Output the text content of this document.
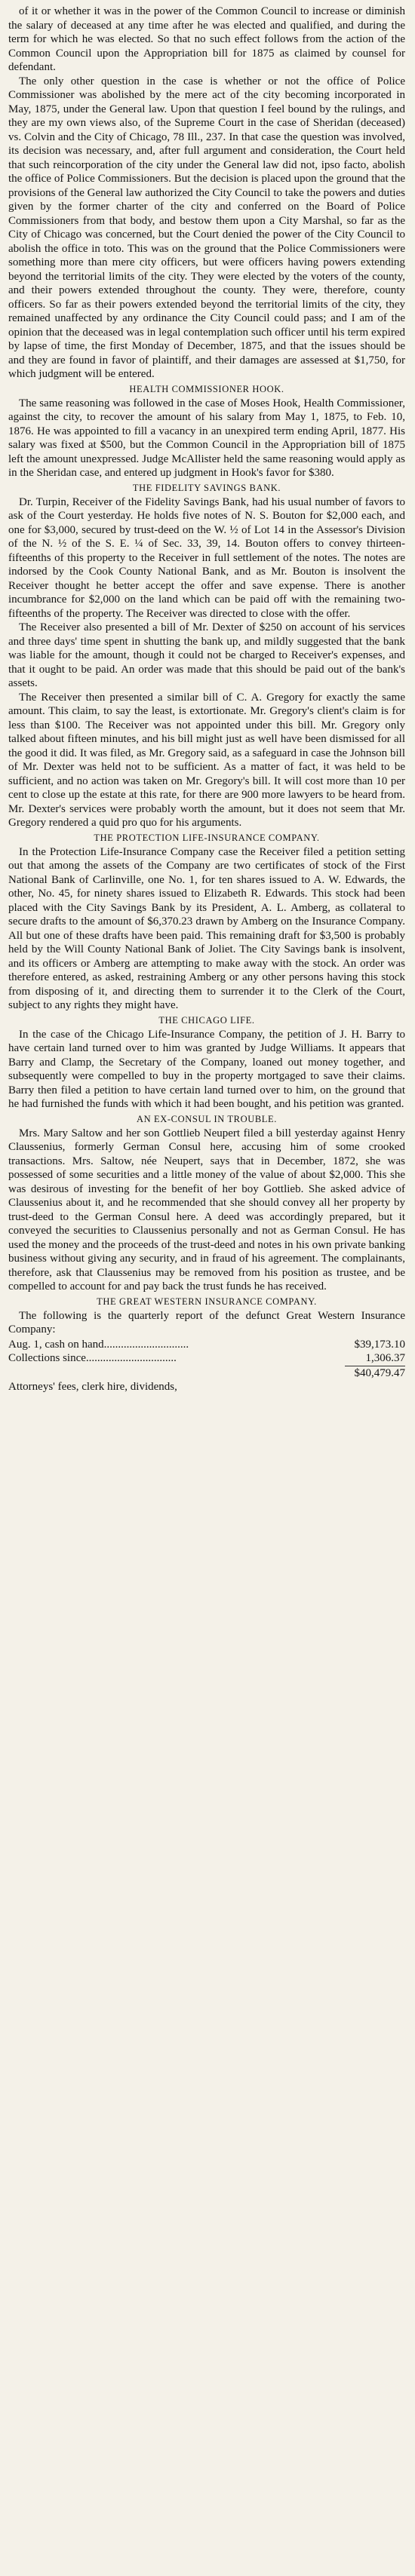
of it or whether it was in the power of the Common Council to increase or diminish the salary of deceased at any time after he was elected and qualified, and during the term for which he was elected. So that no such effect follows from the action of the Common Council upon the Appropriation bill for 1875 as claimed by counsel for defendant.

The only other question in the case is whether or not the office of Police Commissioner was abolished by the mere act of the city becoming incorporated in May, 1875, under the General law. Upon that question I feel bound by the rulings, and they are my own views also, of the Supreme Court in the case of Sheridan (deceased) vs. Colvin and the City of Chicago, 78 Ill., 237. In that case the question was involved, its decision was necessary, and, after full argument and consideration, the Court held that such reincorporation of the city under the General law did not, ipso facto, abolish the office of Police Commissioners. But the decision is placed upon the ground that the provisions of the General law authorized the City Council to take the powers and duties given by the former charter of the city and conferred on the Board of Police Commissioners from that body, and bestow them upon a City Marshal, so far as the City of Chicago was concerned, but the Court denied the power of the City Council to abolish the office in toto. This was on the ground that the Police Commissioners were something more than mere city officers, but were officers having powers extending beyond the territorial limits of the city. They were elected by the voters of the county, and their powers extended throughout the county. They were, therefore, county officers. So far as their powers extended beyond the territorial limits of the city, they remained unaffected by any ordinance the City Council could pass; and I am of the opinion that the deceased was in legal contemplation such officer until his term expired by lapse of time, the first Monday of December, 1875, and that the issues should be and they are found in favor of plaintiff, and their damages are assessed at $1,750, for which judgment will be entered.

HEALTH COMMISSIONER HOOK.

The same reasoning was followed in the case of Moses Hook, Health Commissioner, against the city, to recover the amount of his salary from May 1, 1875, to Feb. 10, 1876. He was appointed to fill a vacancy in an unexpired term ending April, 1877. His salary was fixed at $500, but the Common Council in the Appropriation bill of 1875 left the amount unexpressed. Judge McAllister held the same reasoning would apply as in the Sheridan case, and entered up judgment in Hook's favor for $380.

THE FIDELITY SAVINGS BANK.

Dr. Turpin, Receiver of the Fidelity Savings Bank, had his usual number of favors to ask of the Court yesterday. He holds five notes of N. S. Bouton for $2,000 each, and one for $3,000, secured by trust-deed on the W. ½ of Lot 14 in the Assessor's Division of the N. ½ of the S. E. ¼ of Sec. 33, 39, 14. Bouton offers to convey thirteen-fifteenths of this property to the Receiver in full settlement of the notes. The notes are indorsed by the Cook County National Bank, and as Mr. Bouton is insolvent the Receiver thought he better accept the offer and save expense. There is another incumbrance for $2,000 on the land which can be paid off with the remaining two-fifteenths of the property. The Receiver was directed to close with the offer.

The Receiver also presented a bill of Mr. Dexter of $250 on account of his services and three days' time spent in shutting the bank up, and mildly suggested that the bank was liable for the amount, though it could not be charged to Receiver's expenses, and that it ought to be paid. An order was made that this should be paid out of the bank's assets.

The Receiver then presented a similar bill of C. A. Gregory for exactly the same amount. This claim, to say the least, is extortionate. Mr. Gregory's client's claim is for less than $100. The Receiver was not appointed under this bill. Mr. Gregory only talked about fifteen minutes, and his bill might just as well have been dismissed for all the good it did. It was filed, as Mr. Gregory said, as a safeguard in case the Johnson bill of Mr. Dexter was held not to be sufficient. As a matter of fact, it was held to be sufficient, and no action was taken on Mr. Gregory's bill. It will cost more than 10 per cent to close up the estate at this rate, for there are 900 more lawyers to be heard from. Mr. Dexter's services were probably worth the amount, but it does not seem that Mr. Gregory rendered a quid pro quo for his arguments.

THE PROTECTION LIFE-INSURANCE COMPANY.

In the Protection Life-Insurance Company case the Receiver filed a petition setting out that among the assets of the Company are two certificates of stock of the First National Bank of Carlinville, one No. 1, for ten shares issued to A. W. Edwards, the other, No. 45, for ninety shares issued to Elizabeth R. Edwards. This stock had been placed with the City Savings Bank by its President, A. L. Amberg, as collateral to secure drafts to the amount of $6,370.23 drawn by Amberg on the Insurance Company. All but one of these drafts have been paid. This remaining draft for $3,500 is probably held by the Will County National Bank of Joliet. The City Savings bank is insolvent, and its officers or Amberg are attempting to make away with the stock. An order was therefore entered, as asked, restraining Amberg or any other persons having this stock from disposing of it, and directing them to surrender it to the Clerk of the Court, subject to any rights they might have.

THE CHICAGO LIFE.

In the case of the Chicago Life-Insurance Company, the petition of J. H. Barry to have certain land turned over to him was granted by Judge Williams. It appears that Barry and Clamp, the Secretary of the Company, loaned out money together, and subsequently were compelled to buy in the property mortgaged to save their claims. Barry then filed a petition to have certain land turned over to him, on the ground that he had furnished the funds with which it had been bought, and his petition was granted.

AN EX-CONSUL IN TROUBLE.

Mrs. Mary Saltow and her son Gottlieb Neupert filed a bill yesterday against Henry Claussenius, formerly German Consul here, accusing him of some crooked transactions. Mrs. Saltow, née Neupert, says that in December, 1872, she was possessed of some securities and a little money of the value of about $2,000. This she was desirous of investing for the benefit of her boy Gottlieb. She asked advice of Claussenius about it, and he recommended that she should convey all her property by trust-deed to the German Consul here. A deed was accordingly prepared, but it conveyed the securities to Claussenius personally and not as German Consul. He has used the money and the proceeds of the trust-deed and notes in his own private banking business without giving any security, and in fraud of his agreement. The complainants, therefore, ask that Claussenius may be removed from his position as trustee, and be compelled to account for and pay back the trust funds he has received.

THE GREAT WESTERN INSURANCE COMPANY.

The following is the quarterly report of the defunct Great Western Insurance Company:

Aug. 1, cash on hand..............................	$39,173.10
Collections since................................	1,306.37
$40,479.47
Attorneys' fees, clerk hire, dividends,
